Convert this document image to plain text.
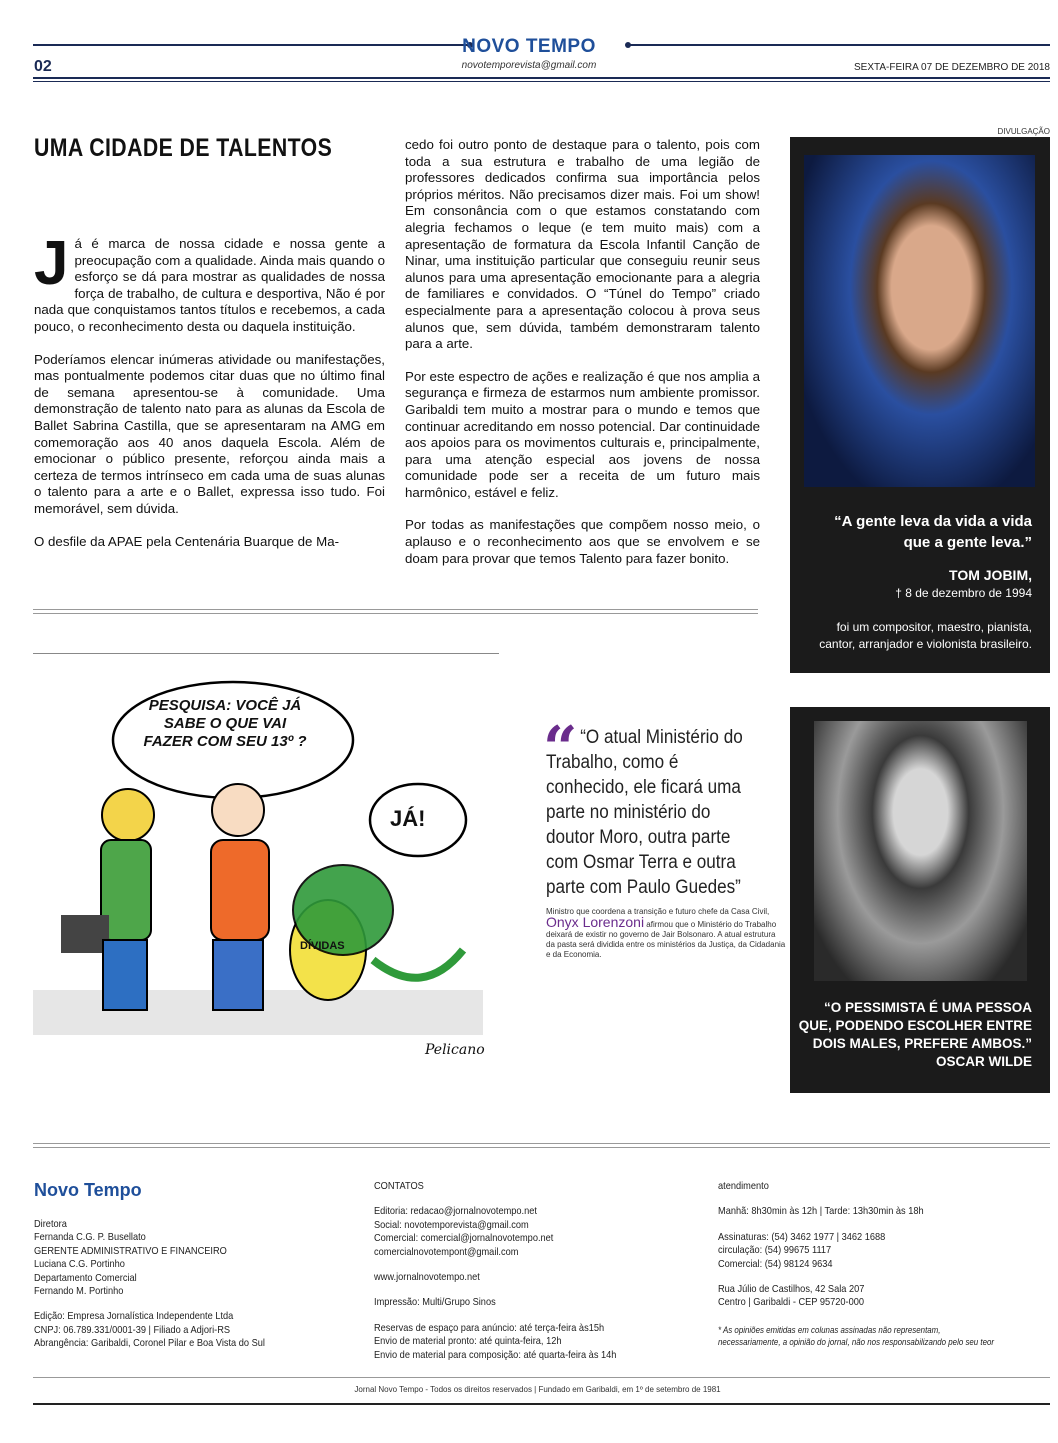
NOVO TEMPO
novotemporevista@gmail.com
02	SEXTA-FEIRA 07 DE DEZEMBRO DE 2018
UMA CIDADE DE TALENTOS

Já é marca de nossa cidade e nossa gente a preocupação com a qualidade. Ainda mais quando o esforço se dá para mostrar as qualidades de nossa força de trabalho, de cultura e desportiva, Não é por nada que conquistamos tantos títulos e recebemos, a cada pouco, o reconhecimento desta ou daquela instituição.

Poderíamos elencar inúmeras atividade ou manifestações, mas pontualmente podemos citar duas que no último final de semana apresentou-se à comunidade. Uma demonstração de talento nato para as alunas da Escola de Ballet Sabrina Castilla, que se apresentaram na AMG em comemoração aos 40 anos daquela Escola. Além de emocionar o público presente, reforçou ainda mais a certeza de termos intrínseco em cada uma de suas alunas o talento para a arte e o Ballet, expressa isso tudo. Foi memorável, sem dúvida.

O desfile da APAE pela Centenária Buarque de Ma-

cedo foi outro ponto de destaque para o talento, pois com toda a sua estrutura e trabalho de uma legião de professores dedicados confirma sua importância pelos próprios méritos. Não precisamos dizer mais. Foi um show! Em consonância com o que estamos constatando com alegria fechamos o leque (e tem muito mais) com a apresentação de formatura da Escola Infantil Canção de Ninar, uma instituição particular que conseguiu reunir seus alunos para uma apresentação emocionante para a alegria de familiares e convidados. O “Túnel do Tempo” criado especialmente para a apresentação colocou à prova seus alunos que, sem dúvida, também demonstraram talento para a arte.

Por este espectro de ações e realização é que nos amplia a segurança e firmeza de estarmos num ambiente promissor. Garibaldi tem muito a mostrar para o mundo e temos que continuar acreditando em nosso potencial. Dar continuidade aos apoios para os movimentos culturais e, principalmente, para uma atenção especial aos jovens de nossa comunidade pode ser a receita de um futuro mais harmônico, estável e feliz.

Por todas as manifestações que compõem nosso meio, o aplauso e o reconhecimento aos que se envolvem e se doam para provar que temos Talento para fazer bonito.

DIVULGAÇÃO
“A gente leva da vida a vida que a gente leva.”
TOM JOBIM,
† 8 de dezembro de 1994
foi um compositor, maestro, pianista, cantor, arranjador e violonista brasileiro.
PESQUISA: VOCÊ JÁ SABE O QUE VAI FAZER COM SEU 13º ?
JÁ!
DÍVIDAS
Pelicano
“ “O atual Ministério do Trabalho, como é conhecido, ele ficará uma parte no ministério do doutor Moro, outra parte com Osmar Terra e outra parte com Paulo Guedes”
Ministro que coordena a transição e futuro chefe da Casa Civil,
Onyx Lorenzoni afirmou que o Ministério do Trabalho deixará de existir no governo de Jair Bolsonaro. A atual estrutura da pasta será dividida entre os ministérios da Justiça, da Cidadania e da Economia.
“O PESSIMISTA É UMA PESSOA QUE, PODENDO ESCOLHER ENTRE DOIS MALES, PREFERE AMBOS.”
OSCAR WILDE
Novo Tempo
Diretora
Fernanda C.G. P. Busellato
GERENTE ADMINISTRATIVO E FINANCEIRO
Luciana C.G. Portinho
Departamento Comercial
Fernando M. Portinho
Edição: Empresa Jornalística Independente Ltda
CNPJ: 06.789.331/0001-39 | Filiado a Adjori-RS
Abrangência: Garibaldi, Coronel Pilar e Boa Vista do Sul
CONTATOS
Editoria: redacao@jornalnovotempo.net
Social: novotemporevista@gmail.com
Comercial: comercial@jornalnovotempo.net
comercialnovotempont@gmail.com
www.jornalnovotempo.net
Impressão: Multi/Grupo Sinos
Reservas de espaço para anúncio: até terça-feira às15h
Envio de material pronto: até quinta-feira, 12h
Envio de material para composição: até quarta-feira às 14h
atendimento
Manhã: 8h30min às 12h | Tarde: 13h30min às 18h
Assinaturas: (54) 3462 1977 | 3462 1688
circulação: (54) 99675 1117
Comercial: (54) 98124 9634
Rua Júlio de Castilhos, 42 Sala 207
Centro | Garibaldi - CEP 95720-000
* As opiniões emitidas em colunas assinadas não representam,
necessariamente, a opinião do jornal, não nos responsabilizando pelo seu teor
Jornal Novo Tempo - Todos os direitos reservados | Fundado em Garibaldi, em 1º de setembro de 1981
